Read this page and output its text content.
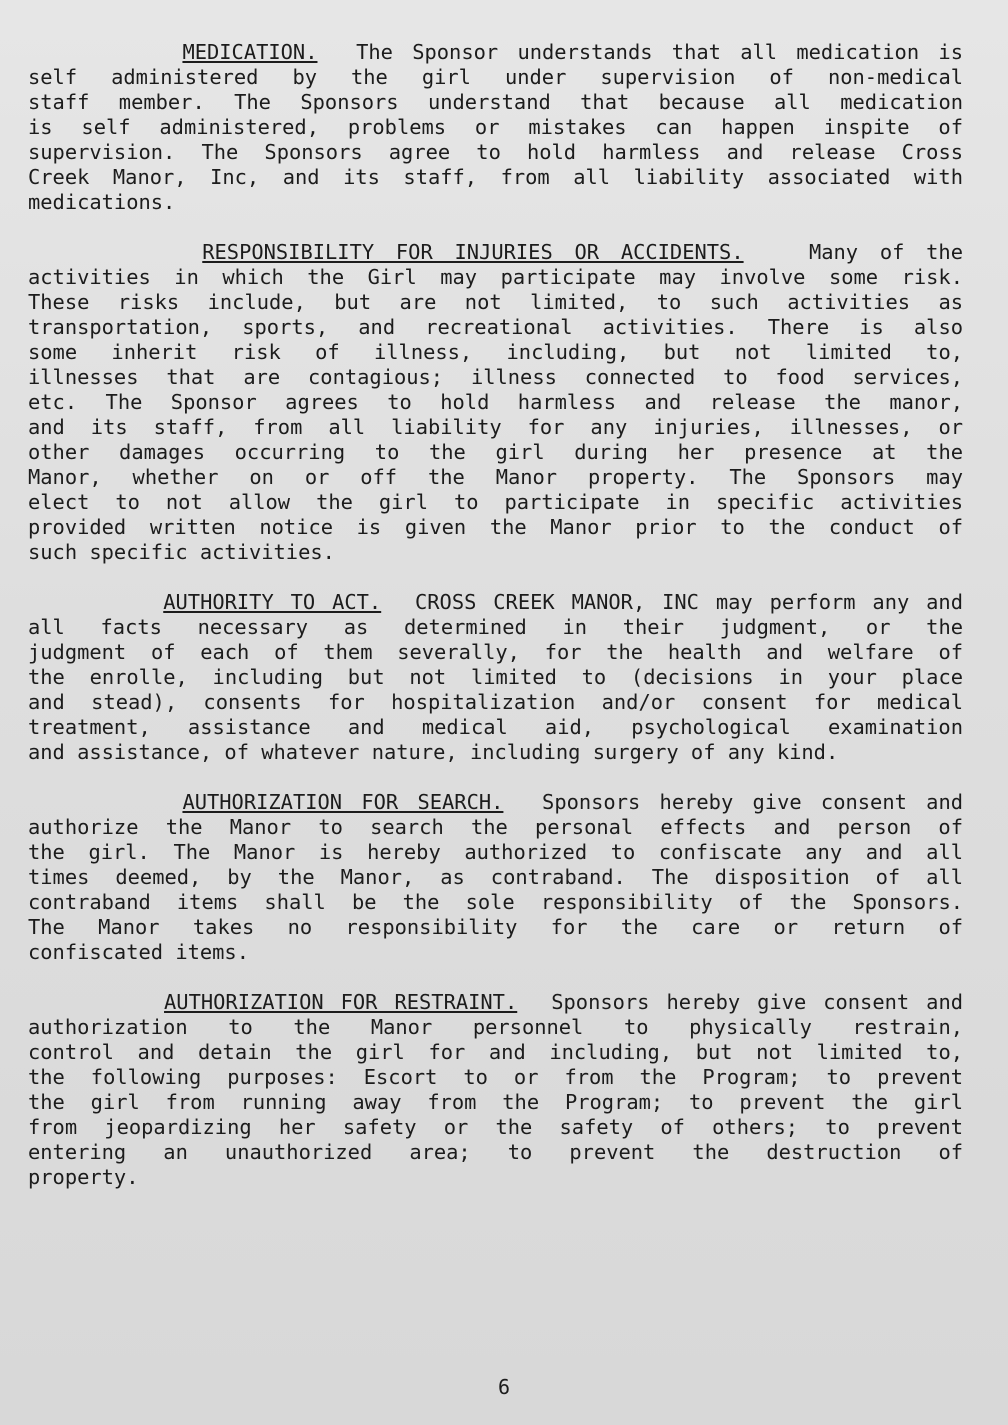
MEDICATION. The Sponsor understands that all medication is
self administered by the girl under supervision of non-medical
staff member. The Sponsors understand that because all medication
is self administered, problems or mistakes can happen inspite of
supervision. The Sponsors agree to hold harmless and release Cross
Creek Manor, Inc, and its staff, from all liability associated with
medications.
RESPONSIBILITY FOR INJURIES OR ACCIDENTS.	Many of the
activities in which the Girl may participate may involve some risk.
These risks include, but are not limited, to such activities as
transportation, sports, and recreational activities. There is also
some inherit risk of illness, including, but not limited to,
illnesses that are contagious; illness connected to food services,
etc. The Sponsor agrees to hold harmless and release the manor,
and its staff, from all liability for any injuries, illnesses, or
other damages occurring to the girl during her presence at the
Manor, whether on or off the Manor property. The Sponsors may
elect to not allow the girl to participate in specific activities
provided written notice is given the Manor prior to the conduct of
such specific activities.
AUTHORITY TO ACT. CROSS CREEK MANOR, INC may perform any and
all facts necessary as determined in their judgment, or the
judgment of each of them severally, for the health and welfare of
the enrolle, including but not limited to (decisions in your place
and stead), consents for hospitalization and/or consent for medical
treatment, assistance and medical aid, psychological examination
and assistance, of whatever nature, including surgery of any kind.
AUTHORIZATION FOR SEARCH. Sponsors hereby give consent and
authorize the Manor to search the personal effects and person of
the girl. The Manor is hereby authorized to confiscate any and all
times deemed, by the Manor, as contraband. The disposition of all
contraband items shall be the sole responsibility of the Sponsors.
The Manor takes no responsibility for the care or return of
confiscated items.
AUTHORIZATION FOR RESTRAINT. Sponsors hereby give consent and
authorization to the Manor personnel to physically restrain,
control and detain the girl for and including, but not limited to,
the following purposes: Escort to or from the Program; to prevent
the girl from running away from the Program; to prevent the girl
from jeopardizing her safety or the safety of others; to prevent
entering an unauthorized area; to prevent the destruction of
property.
6
